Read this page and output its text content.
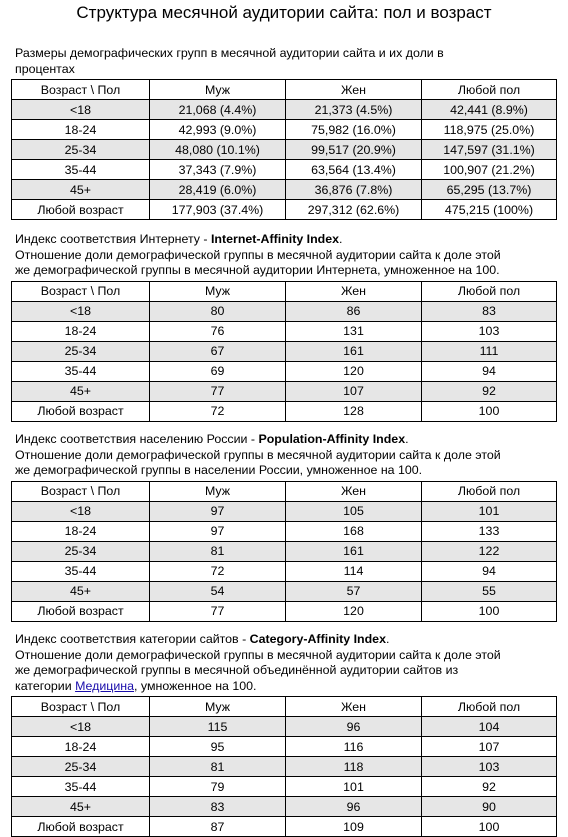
Структура месячной аудитории сайта: пол и возраст
Размеры демографических групп в месячной аудитории сайта и их доли в
процентах
Возраст \ Пол	Муж	Жен	Любой пол
<18	21,068 (4.4%)	21,373 (4.5%)	42,441 (8.9%)
18-24	42,993 (9.0%)	75,982 (16.0%)	118,975 (25.0%)
25-34	48,080 (10.1%)	99,517 (20.9%)	147,597 (31.1%)
35-44	37,343 (7.9%)	63,564 (13.4%)	100,907 (21.2%)
45+	28,419 (6.0%)	36,876 (7.8%)	65,295 (13.7%)
Любой возраст	177,903 (37.4%)	297,312 (62.6%)	475,215 (100%)
Индекс соответствия Интернету - Internet-Affinity Index.
Отношение доли демографической группы в месячной аудитории сайта к доле этой
же демографической группы в месячной аудитории Интернета, умноженное на 100.
Возраст \ Пол	Муж	Жен	Любой пол
<18	80	86	83
18-24	76	131	103
25-34	67	161	111
35-44	69	120	94
45+	77	107	92
Любой возраст	72	128	100
Индекс соответствия населению России - Population-Affinity Index.
Отношение доли демографической группы в месячной аудитории сайта к доле этой
же демографической группы в населении России, умноженное на 100.
Возраст \ Пол	Муж	Жен	Любой пол
<18	97	105	101
18-24	97	168	133
25-34	81	161	122
35-44	72	114	94
45+	54	57	55
Любой возраст	77	120	100
Индекс соответствия категории сайтов - Category-Affinity Index.
Отношение доли демографической группы в месячной аудитории сайта к доле этой
же демографической группы в месячной объединённой аудитории сайтов из
категории Медицина, умноженное на 100.
Возраст \ Пол	Муж	Жен	Любой пол
<18	115	96	104
18-24	95	116	107
25-34	81	118	103
35-44	79	101	92
45+	83	96	90
Любой возраст	87	109	100
